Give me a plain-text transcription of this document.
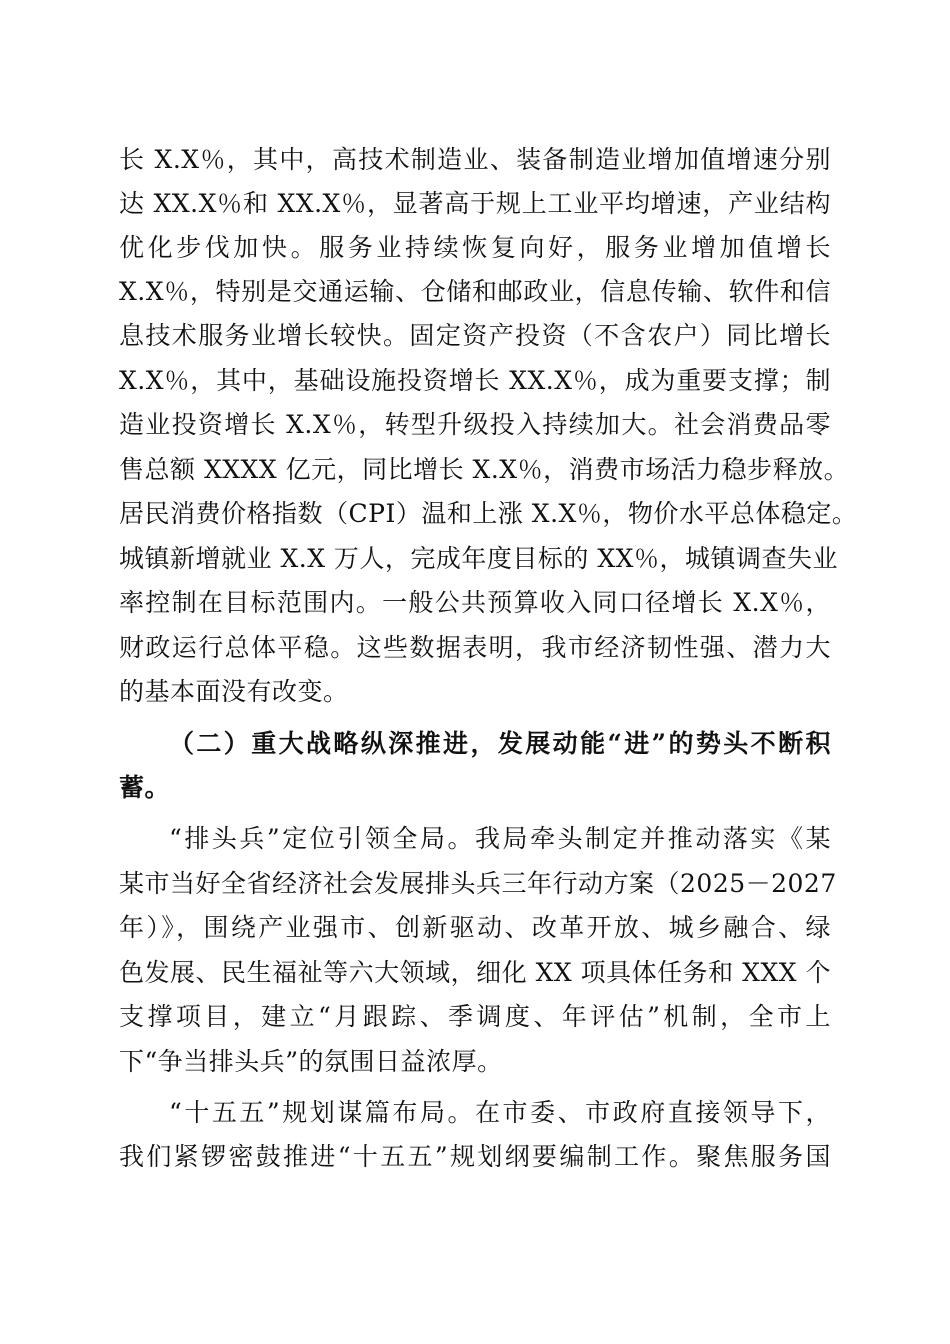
长 X.X％，其中，高技术制造业、装备制造业增加值增速分别
达 XX.X％和 XX.X％，显著高于规上工业平均增速，产业结构
优化步伐加快。服务业持续恢复向好，服务业增加值增长
X.X％，特别是交通运输、仓储和邮政业，信息传输、软件和信
息技术服务业增长较快。固定资产投资（不含农户）同比增长
X.X％，其中，基础设施投资增长 XX.X％，成为重要支撑；制
造业投资增长 X.X％，转型升级投入持续加大。社会消费品零
售总额 XXXX 亿元，同比增长 X.X％，消费市场活力稳步释放。
居民消费价格指数（CPI）温和上涨 X.X％，物价水平总体稳定。
城镇新增就业 X.X 万人，完成年度目标的 XX％，城镇调查失业
率控制在目标范围内。一般公共预算收入同口径增长 X.X％，
财政运行总体平稳。这些数据表明，我市经济韧性强、潜力大
的基本面没有改变。
（二）重大战略纵深推进，发展动能“进”的势头不断积
蓄。
“排头兵”定位引领全局。我局牵头制定并推动落实《某
某市当好全省经济社会发展排头兵三年行动方案（2025－2027
年）》，围绕产业强市、创新驱动、改革开放、城乡融合、绿
色发展、民生福祉等六大领域，细化 XX 项具体任务和 XXX 个
支撑项目，建立“月跟踪、季调度、年评估”机制，全市上
下“争当排头兵”的氛围日益浓厚。
“十五五”规划谋篇布局。在市委、市政府直接领导下，
我们紧锣密鼓推进“十五五”规划纲要编制工作。聚焦服务国
